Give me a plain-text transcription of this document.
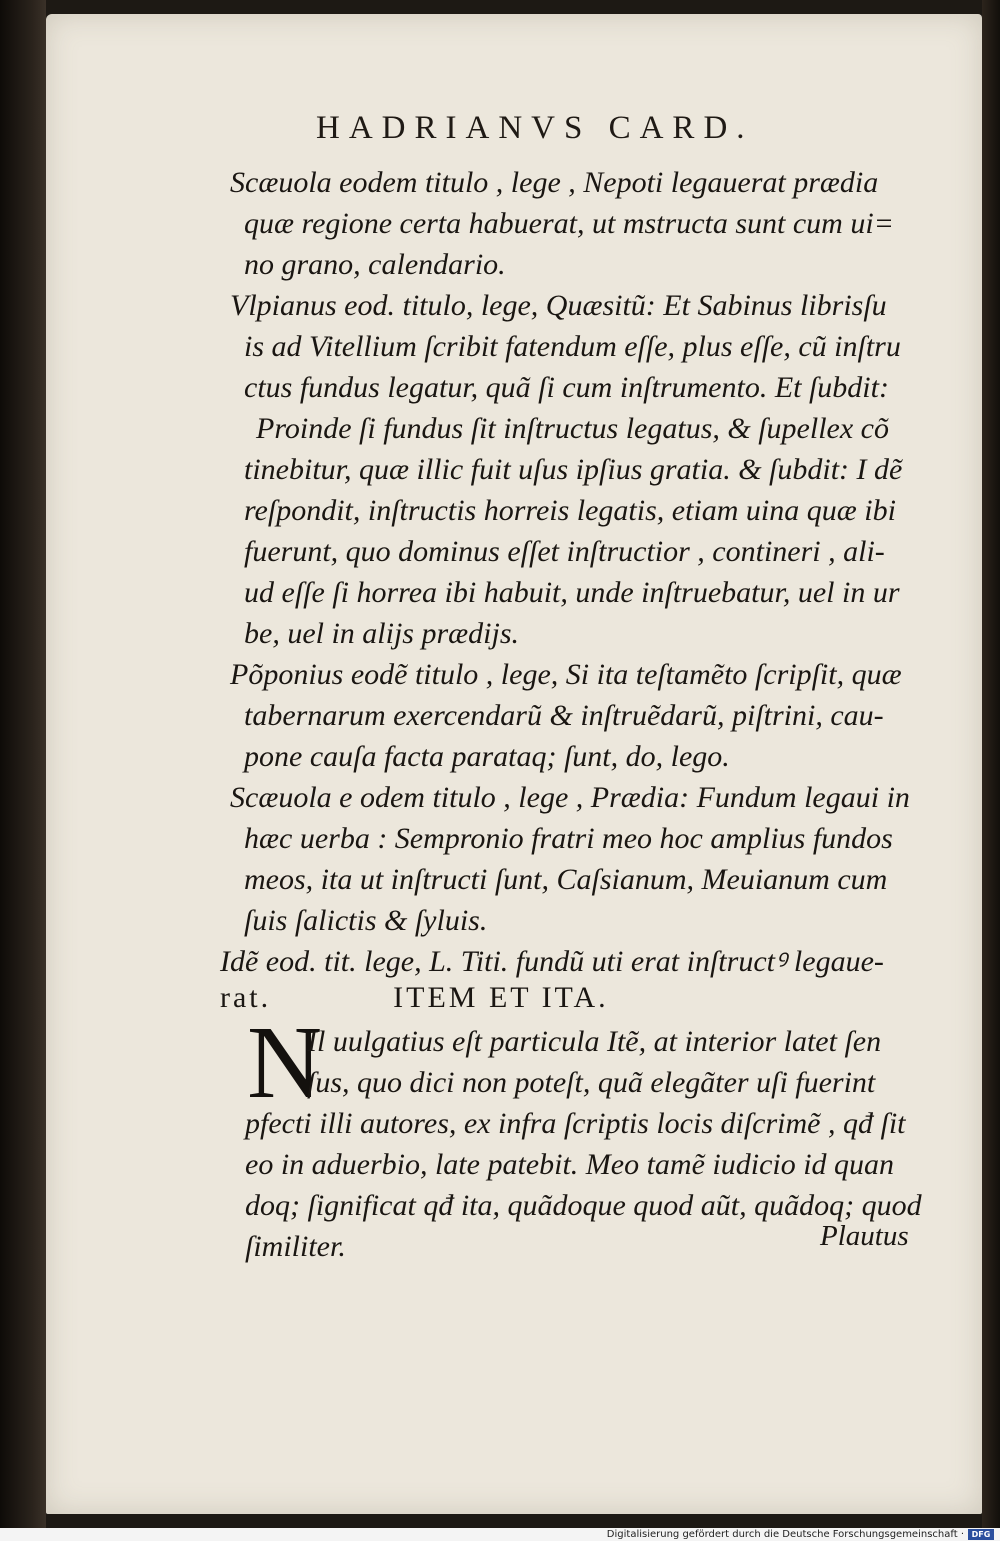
HADRIANVS CARD.
Scæuola eodem titulo , lege , Nepoti legauerat prædia
quæ regione certa habuerat, ut mstructa sunt cum ui=
no grano, calendario.
Vlpianus eod. titulo, lege, Quæsitũ: Et Sabinus librisſu
is ad Vitellium ſcribit fatendum eſſe, plus eſſe, cũ inſtru
ctus fundus legatur, quã ſi cum inſtrumento. Et ſubdit:
Proinde ſi fundus ſit inſtructus legatus, & ſupellex cõ
tinebitur, quæ illic fuit uſus ipſius gratia. & ſubdit: I dẽ
reſpondit, inſtructis horreis legatis, etiam uina quæ ibi
fuerunt, quo dominus eſſet inſtructior , contineri , ali-
ud eſſe ſi horrea ibi habuit, unde inſtruebatur, uel in ur
be, uel in alijs prædijs.
Põponius eodẽ titulo , lege, Si ita teſtamẽto ſcripſit, quæ
tabernarum exercendarũ & inſtruẽdarũ, piſtrini, cau-
pone cauſa facta parataq; ſunt, do, lego.
Scæuola e odem titulo , lege , Prædia: Fundum legaui in
hæc uerba : Sempronio fratri meo hoc amplius fundos
meos, ita ut inſtructi ſunt, Caſsianum, Meuianum cum
ſuis ſalictis & ſyluis.
Idẽ eod. tit. lege, L. Titi. fundũ uti erat inſtructꝰ legaue-
rat.	ITEM ET ITA.
N
Il uulgatius eſt particula Itẽ, at interior latet ſen
ſus, quo dici non poteſt, quã elegãter uſi fuerint
pfecti illi autores, ex infra ſcriptis locis diſcrimẽ , qđ ſit
eo in aduerbio, late patebit. Meo tamẽ iudicio id quan
doq; ſignificat qđ ita, quãdoque quod aũt, quãdoq; quod
ſimiliter.	Plautus
Digitalisierung gefördert durch die Deutsche Forschungsgemeinschaft · DFG
